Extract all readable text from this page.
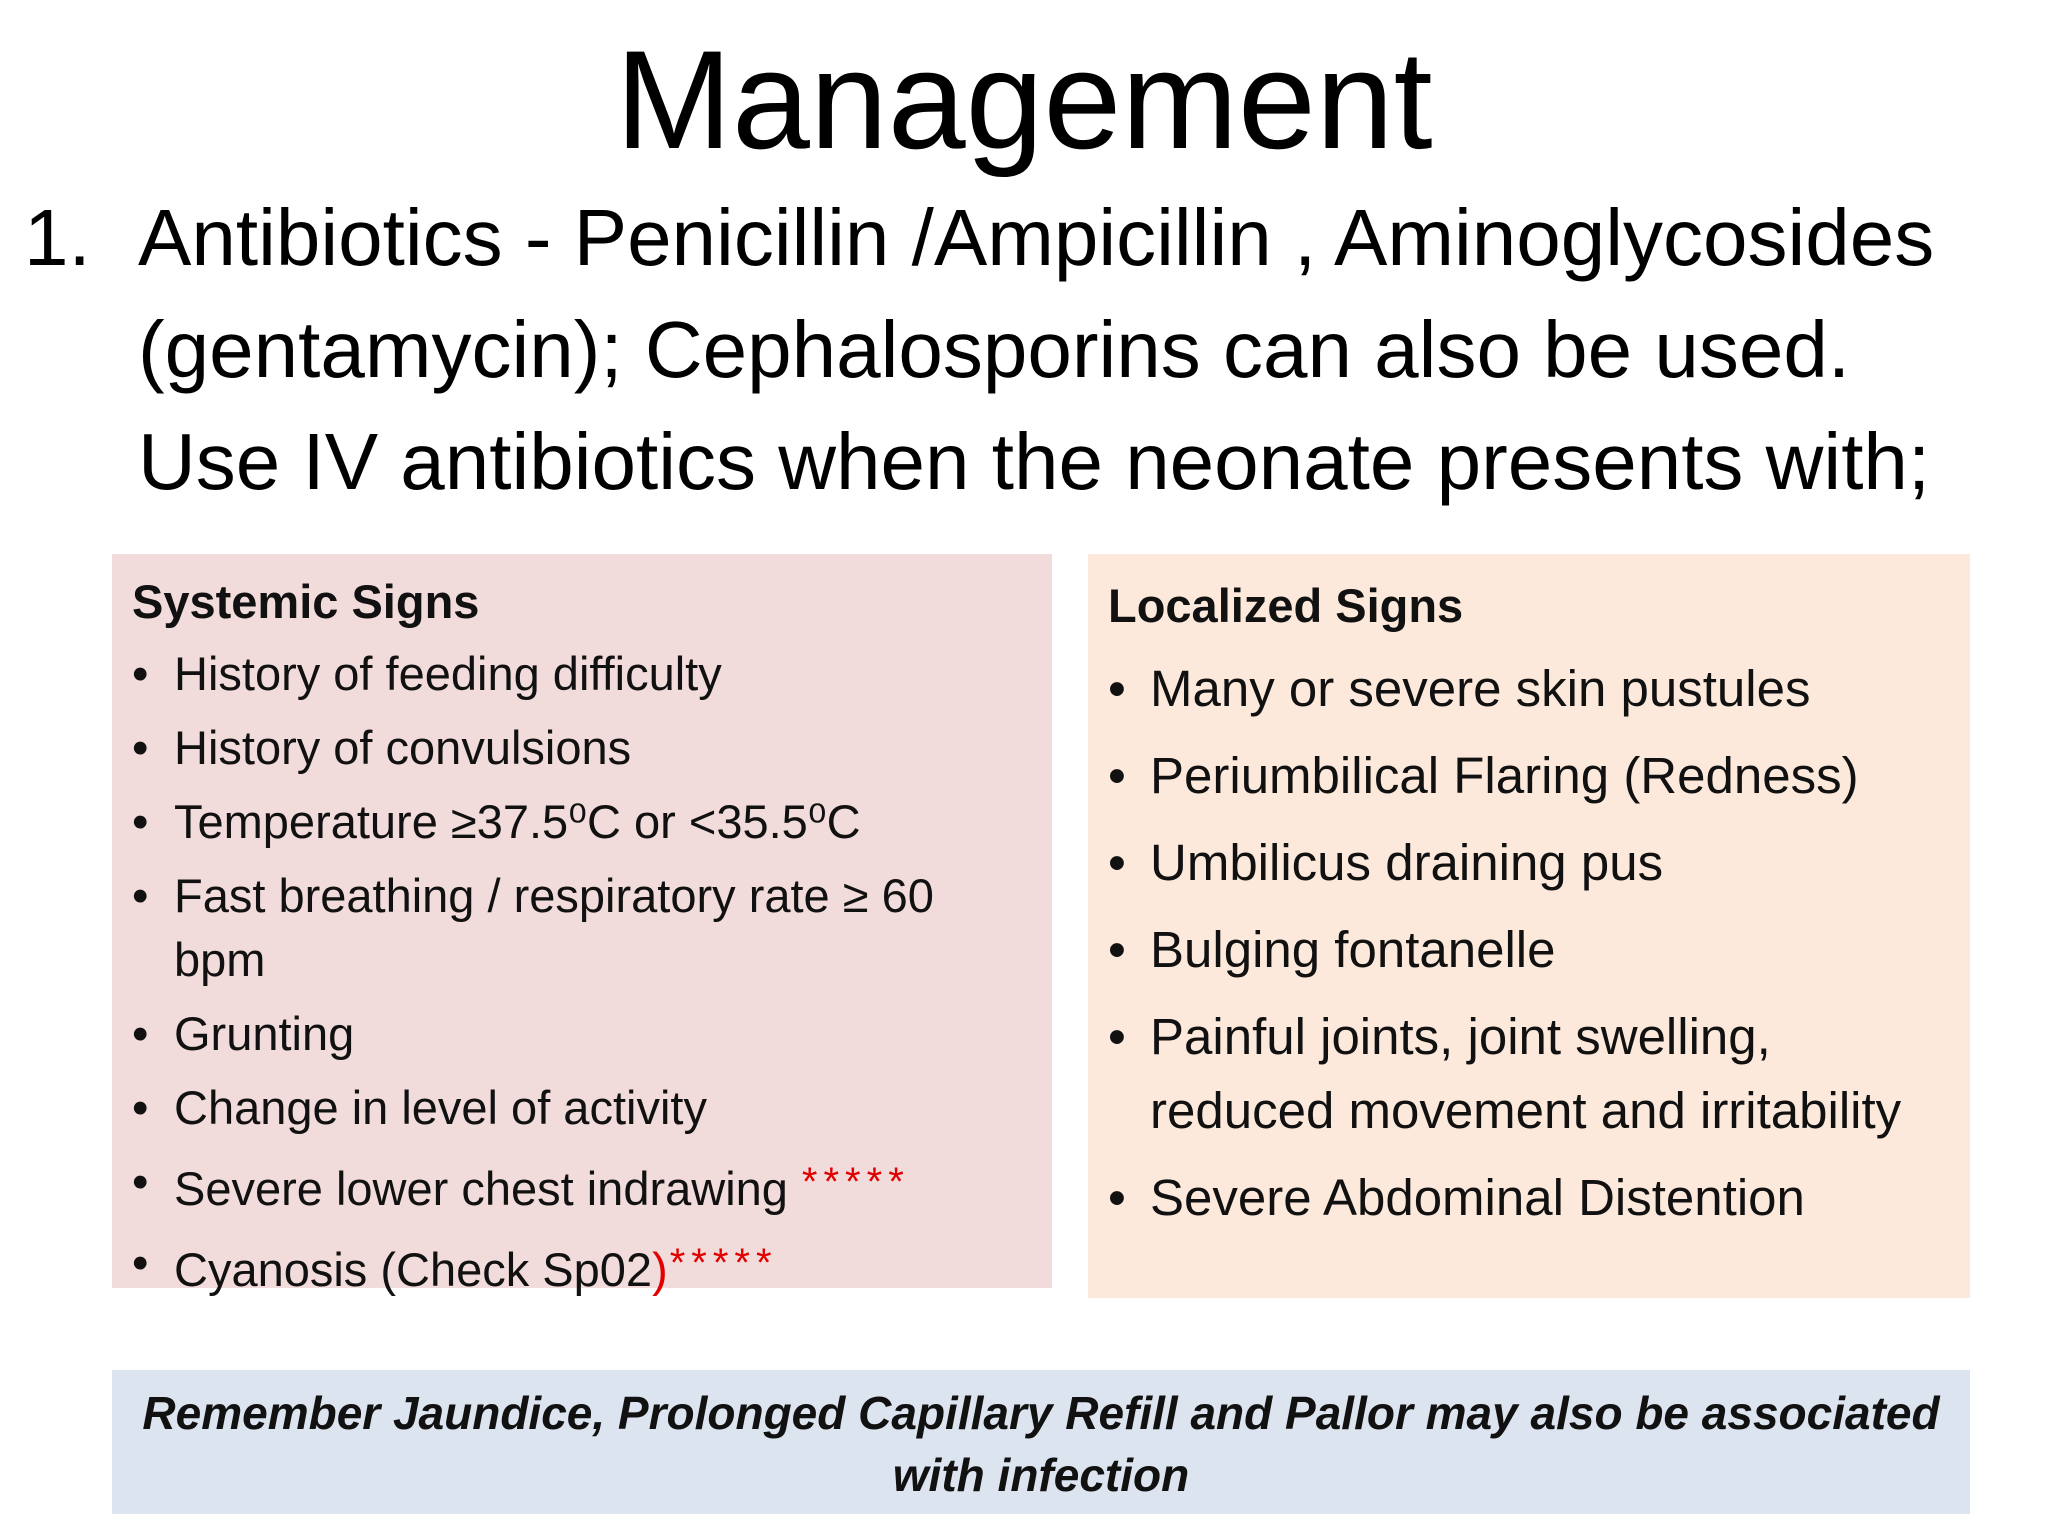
Management
1. Antibiotics - Penicillin /Ampicillin , Aminoglycosides
(gentamycin); Cephalosporins can also be used.
Use IV antibiotics when the neonate presents with;
Systemic Signs
• History of feeding difficulty
• History of convulsions
• Temperature ≥37.5⁰C or <35.5⁰C
• Fast breathing / respiratory rate ≥ 60 bpm
• Grunting
• Change in level of activity
• Severe lower chest indrawing *****
• Cyanosis (Check Sp02)*****
Localized Signs
• Many or severe skin pustules
• Periumbilical Flaring (Redness)
• Umbilicus draining pus
• Bulging fontanelle
• Painful joints, joint swelling, reduced movement and irritability
• Severe Abdominal Distention
Remember Jaundice, Prolonged Capillary Refill and Pallor may also be associated with infection
